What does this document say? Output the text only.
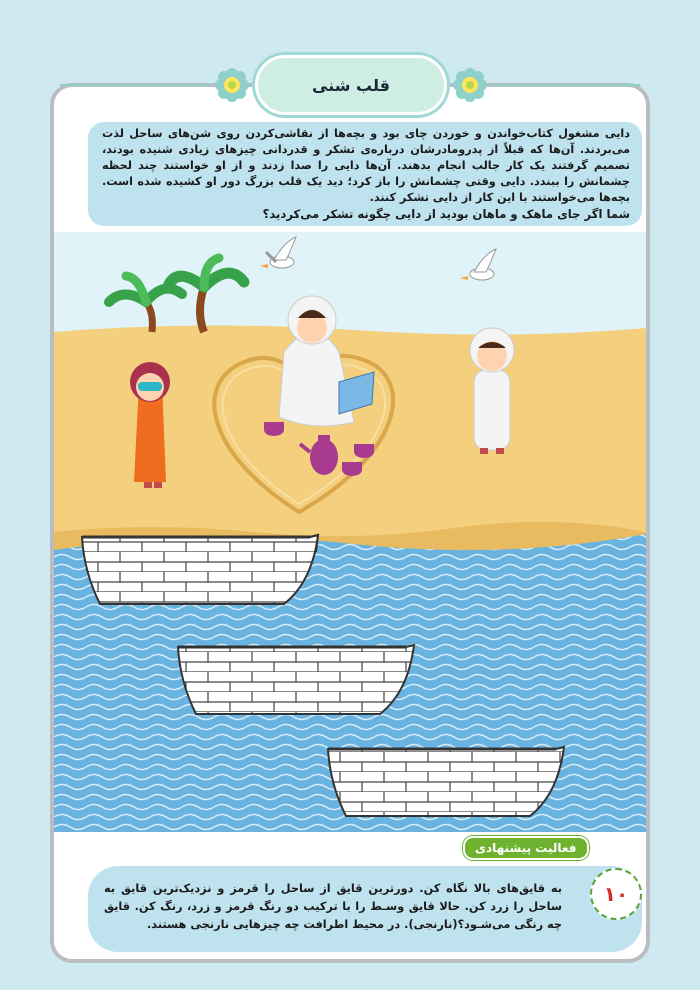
قلب شنی

دایی مشغول کتاب‌خواندن و خوردن چای بود و بچه‌ها از نقاشی‌کردن روی شن‌های ساحل لذت می‌بردند. آن‌ها که قبلاً از پدرومادرشان درباره‌ی تشکر و قدردانی چیزهای زیادی شنیده بودند، تصمیم گرفتند یک کار جالب انجام بدهند. آن‌ها دایی را صدا زدند و از او خواستند چند لحظه چشمانش را ببندد. دایی وقتی چشمانش را باز کرد؛ دید یک قلب بزرگ دور او کشیده شده است. بچه‌ها می‌خواستند با این کار از دایی تشکر کنند.

شما اگر جای ماهک و ماهان بودید از دایی چگونه تشکر می‌کردید؟

فعالیت پیشنهادی

به قایق‌های بالا نگاه کن. دورترین قایق از ساحل را قرمز و نزدیک‌ترین قایق به ساحل را زرد کن. حالا قایق وسـط را با ترکیب دو رنگ قرمز و زرد، رنگ کن. قایق چه رنگی می‌شـود؟(نارنجی). در محیط اطرافت چه چیزهایی نارنجی هستند.

۱۰
